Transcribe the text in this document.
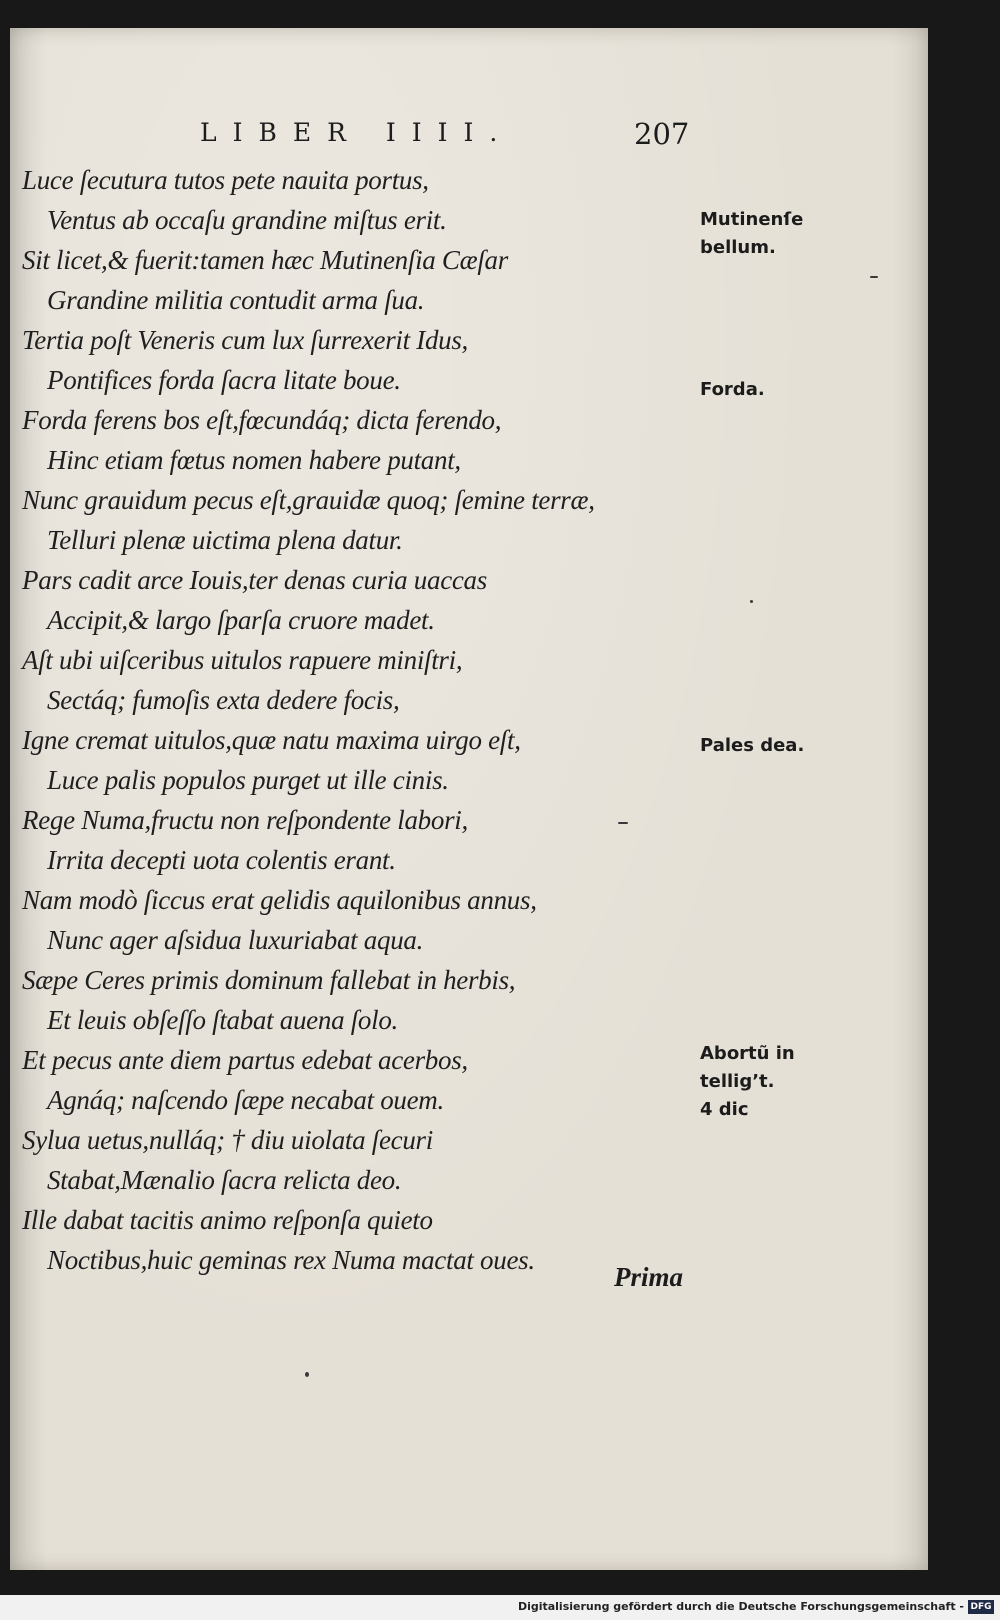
LIBER IIII.	207
Luce ſecutura tutos pete nauita portus,
Ventus ab occaſu grandine miſtus erit.
Sit licet,& fuerit:tamen hæc Mutinenſia Cæſar
Grandine militia contudit arma ſua.
Tertia poſt Veneris cum lux ſurrexerit Idus,
Pontifices forda ſacra litate boue.
Forda ferens bos eſt,fœcundáq; dicta ferendo,
Hinc etiam fœtus nomen habere putant,
Nunc grauidum pecus eſt,grauidæ quoq; ſemine terræ,
Telluri plenæ uictima plena datur.
Pars cadit arce Iouis,ter denas curia uaccas
Accipit,& largo ſparſa cruore madet.
Aſt ubi uiſceribus uitulos rapuere miniſtri,
Sectáq; fumoſis exta dedere focis,
Igne cremat uitulos,quæ natu maxima uirgo eſt,
Luce palis populos purget ut ille cinis.
Rege Numa,fructu non reſpondente labori,
Irrita decepti uota colentis erant.
Nam modò ſiccus erat gelidis aquilonibus annus,
Nunc ager aſsidua luxuriabat aqua.
Sæpe Ceres primis dominum fallebat in herbis,
Et leuis obſeſſo ſtabat auena ſolo.
Et pecus ante diem partus edebat acerbos,
Agnáq; naſcendo ſæpe necabat ouem.
Sylua uetus,nulláq; † diu uiolata ſecuri
Stabat,Mænalio ſacra relicta deo.
Ille dabat tacitis animo reſponſa quieto
Noctibus,huic geminas rex Numa mactat oues.
Mutinenſe
bellum.
Forda.
Pales dea.
Abortũ in
tellig’t.
4 dic
Prima
Digitalisierung gefördert durch die Deutsche Forschungsgemeinschaft - DFG
